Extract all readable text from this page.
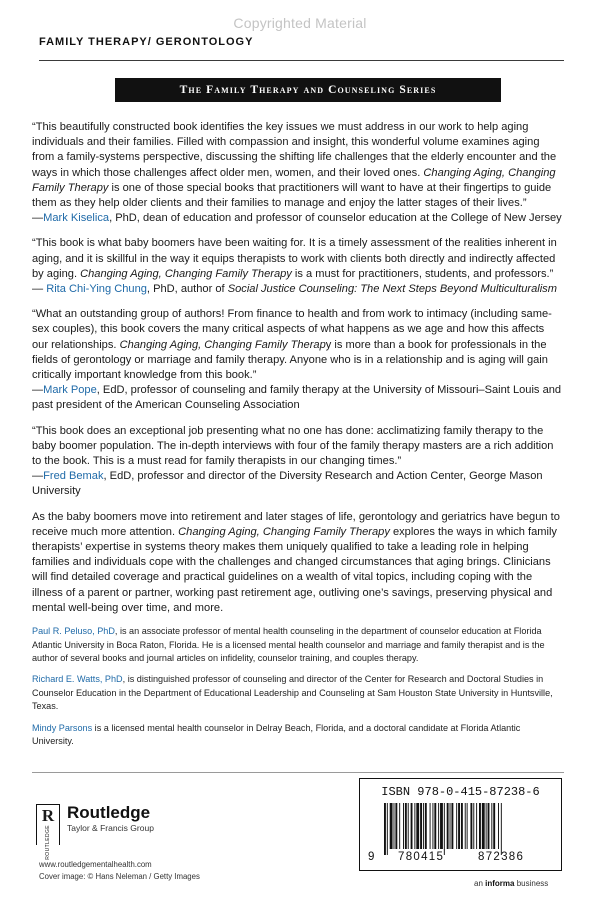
Copyrighted Material
FAMILY THERAPY/ GERONTOLOGY
The Family Therapy and Counseling Series

“This beautifully constructed book identifies the key issues we must address in our work to help aging individuals and their families. Filled with compassion and insight, this wonderful volume examines aging from a family-systems perspective, discussing the shifting life challenges that the elderly encounter and the ways in which those challenges affect older men, women, and their loved ones. Changing Aging, Changing Family Therapy is one of those special books that practitioners will want to have at their fingertips to guide them as they help older clients and their families to manage and enjoy the latter stages of their lives.”

—Mark Kiselica, PhD, dean of education and professor of counselor education at the College of New Jersey

“This book is what baby boomers have been waiting for. It is a timely assessment of the realities inherent in aging, and it is skillful in the way it equips therapists to work with clients both directly and indirectly affected by aging. Changing Aging, Changing Family Therapy is a must for practitioners, students, and professors.”

— Rita Chi-Ying Chung, PhD, author of Social Justice Counseling: The Next Steps Beyond Multiculturalism

“What an outstanding group of authors! From finance to health and from work to intimacy (including same-sex couples), this book covers the many critical aspects of what happens as we age and how this affects our relationships. Changing Aging, Changing Family Therapy is more than a book for professionals in the fields of gerontology or marriage and family therapy. Anyone who is in a relationship and is aging will gain critically important knowledge from this book.”

—Mark Pope, EdD, professor of counseling and family therapy at the University of Missouri–Saint Louis and past president of the American Counseling Association

“This book does an exceptional job presenting what no one has done: acclimatizing family therapy to the baby boomer population. The in-depth interviews with four of the family therapy masters are a rich addition to the book. This is a must read for family therapists in our changing times.”

—Fred Bemak, EdD, professor and director of the Diversity Research and Action Center, George Mason University

As the baby boomers move into retirement and later stages of life, gerontology and geriatrics have begun to receive much more attention. Changing Aging, Changing Family Therapy explores the ways in which family therapists’ expertise in systems theory makes them uniquely qualified to take a leading role in helping families and individuals cope with the challenges and changed circumstances that aging brings. Clinicians will find detailed coverage and practical guidelines on a wealth of vital topics, including coping with the illness of a parent or partner, working past retirement age, outliving one’s savings, preserving physical and mental well-being over time, and more.

Paul R. Peluso, PhD, is an associate professor of mental health counseling in the department of counselor education at Florida Atlantic University in Boca Raton, Florida. He is a licensed mental health counselor and marriage and family therapist and is the author of several books and journal articles on infidelity, counselor training, and couples therapy.

Richard E. Watts, PhD, is distinguished professor of counseling and director of the Center for Research and Doctoral Studies in Counselor Education in the Department of Educational Leadership and Counseling at Sam Houston State University in Huntsville, Texas.

Mindy Parsons is a licensed mental health counselor in Delray Beach, Florida, and a doctoral candidate at Florida Atlantic University.

R
ROUTLEDGE
Routledge
Taylor & Francis Group
www.routledgementalhealth.com
Cover image: © Hans Neleman / Getty Images
ISBN 978-0-415-87238-6
9 780415	872386
an informa business
